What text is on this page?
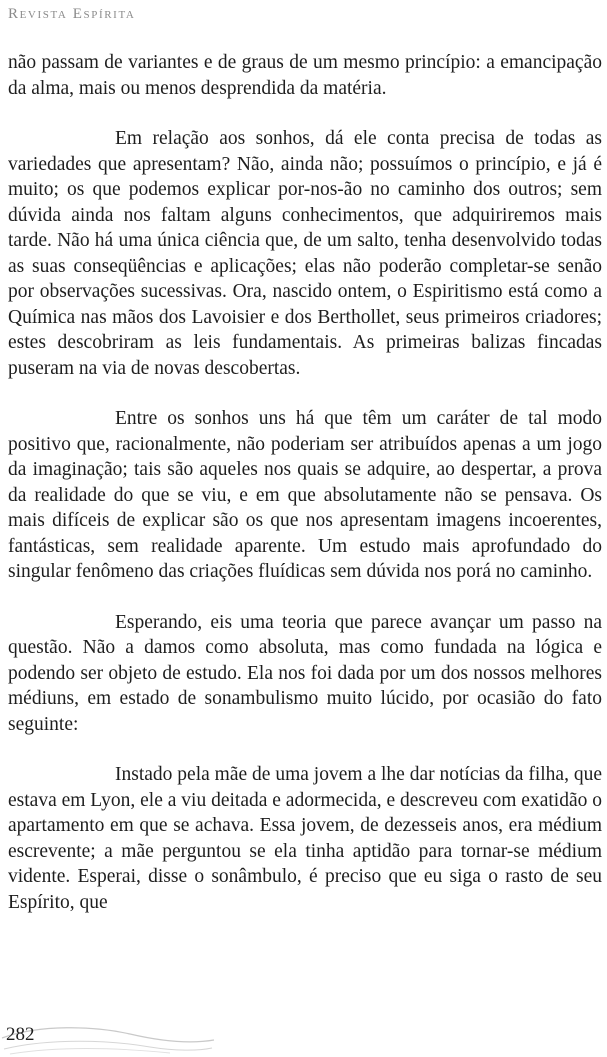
Revista Espírita

não passam de variantes e de graus de um mesmo princípio: a emancipação da alma, mais ou menos desprendida da matéria.

Em relação aos sonhos, dá ele conta precisa de todas as variedades que apresentam? Não, ainda não; possuímos o princípio, e já é muito; os que podemos explicar por-nos-ão no caminho dos outros; sem dúvida ainda nos faltam alguns conhecimentos, que adquiriremos mais tarde. Não há uma única ciência que, de um salto, tenha desenvolvido todas as suas conseqüências e aplicações; elas não poderão completar-se senão por observações sucessivas. Ora, nascido ontem, o Espiritismo está como a Química nas mãos dos Lavoisier e dos Berthollet, seus primeiros criadores; estes descobriram as leis fundamentais. As primeiras balizas fincadas puseram na via de novas descobertas.

Entre os sonhos uns há que têm um caráter de tal modo positivo que, racionalmente, não poderiam ser atribuídos apenas a um jogo da imaginação; tais são aqueles nos quais se adquire, ao despertar, a prova da realidade do que se viu, e em que absolutamente não se pensava. Os mais difíceis de explicar são os que nos apresentam imagens incoerentes, fantásticas, sem realidade aparente. Um estudo mais aprofundado do singular fenômeno das criações fluídicas sem dúvida nos porá no caminho.

Esperando, eis uma teoria que parece avançar um passo na questão. Não a damos como absoluta, mas como fundada na lógica e podendo ser objeto de estudo. Ela nos foi dada por um dos nossos melhores médiuns, em estado de sonambulismo muito lúcido, por ocasião do fato seguinte:

Instado pela mãe de uma jovem a lhe dar notícias da filha, que estava em Lyon, ele a viu deitada e adormecida, e descreveu com exatidão o apartamento em que se achava. Essa jovem, de dezesseis anos, era médium escrevente; a mãe perguntou se ela tinha aptidão para tornar-se médium vidente. Esperai, disse o sonâmbulo, é preciso que eu siga o rasto de seu Espírito, que

282
